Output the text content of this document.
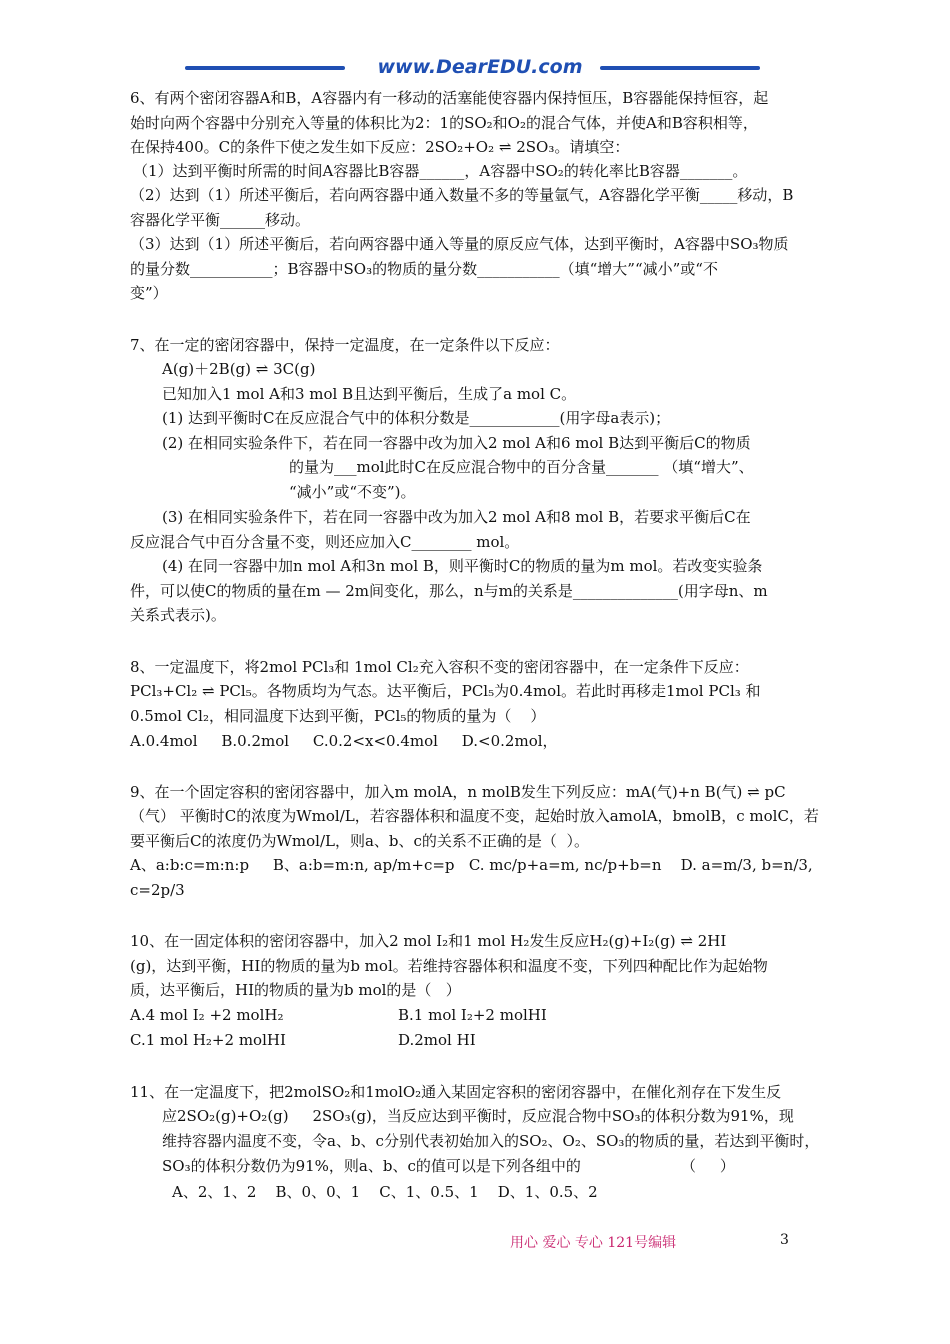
www.DearEDU.com
6、有两个密闭容器A和B，A容器内有一移动的活塞能使容器内保持恒压，B容器能保持恒容，起
始时向两个容器中分别充入等量的体积比为2：1的SO₂和O₂的混合气体，并使A和B容积相等，
在保持400。C的条件下使之发生如下反应：2SO₂+O₂ ⇌ 2SO₃。请填空：
（1）达到平衡时所需的时间A容器比B容器______，A容器中SO₂的转化率比B容器_______。
（2）达到（1）所述平衡后，若向两容器中通入数量不多的等量氩气，A容器化学平衡_____移动，B
容器化学平衡______移动。
（3）达到（1）所述平衡后，若向两容器中通入等量的原反应气体，达到平衡时，A容器中SO₃物质
的量分数___________；B容器中SO₃的物质的量分数___________（填“增大”“减小”或“不
变”）
7、在一定的密闭容器中，保持一定温度，在一定条件以下反应：
A(g)＋2B(g) ⇌ 3C(g)
已知加入1 mol A和3 mol B且达到平衡后，生成了a mol C。
(1) 达到平衡时C在反应混合气中的体积分数是____________(用字母a表示)；
(2) 在相同实验条件下，若在同一容器中改为加入2 mol A和6 mol B达到平衡后C的物质
的量为___mol此时C在反应混合物中的百分含量_______ （填“增大”、
“减小”或“不变”)。
(3) 在相同实验条件下，若在同一容器中改为加入2 mol A和8 mol B，若要求平衡后C在
反应混合气中百分含量不变，则还应加入C________ mol。
(4) 在同一容器中加n mol A和3n mol B，则平衡时C的物质的量为m mol。若改变实验条
件，可以使C的物质的量在m — 2m间变化，那么，n与m的关系是______________(用字母n、m
关系式表示)。
8、一定温度下，将2mol PCl₃和 1mol Cl₂充入容积不变的密闭容器中，在一定条件下反应：
PCl₃+Cl₂ ⇌ PCl₅。各物质均为气态。达平衡后，PCl₅为0.4mol。若此时再移走1mol PCl₃ 和
0.5mol Cl₂，相同温度下达到平衡，PCl₅的物质的量为（    ）
A.0.4mol     B.0.2mol     C.0.2<x<0.4mol     D.<0.2mol，
9、在一个固定容积的密闭容器中，加入m molA，n molB发生下列反应：mA(气)+n B(气) ⇌ pC
（气） 平衡时C的浓度为Wmol/L，若容器体积和温度不变，起始时放入amolA，bmolB，c molC，若
要平衡后C的浓度仍为Wmol/L，则a、b、c的关系不正确的是（  ）。
A、a:b:c=m:n:p     B、a:b=m:n, ap/m+c=p   C. mc/p+a=m, nc/p+b=n    D. a=m/3, b=n/3,
c=2p/3
10、在一固定体积的密闭容器中，加入2 mol I₂和1 mol H₂发生反应H₂(g)+I₂(g) ⇌ 2HI
(g)，达到平衡，HI的物质的量为b mol。若维持容器体积和温度不变，下列四种配比作为起始物
质，达平衡后，HI的物质的量为b mol的是（   ）
A.4 mol I₂ +2 molH₂	B.1 mol I₂+2 molHI
C.1 mol H₂+2 molHI	D.2mol HI
11、在一定温度下，把2molSO₂和1molO₂通入某固定容积的密闭容器中，在催化剂存在下发生反
应2SO₂(g)+O₂(g)     2SO₃(g)，当反应达到平衡时，反应混合物中SO₃的体积分数为91%，现
维持容器内温度不变，令a、b、c分别代表初始加入的SO₂、O₂、SO₃的物质的量，若达到平衡时，
SO₃的体积分数仍为91%，则a、b、c的值可以是下列各组中的                     （     ）
A、2、1、2    B、0、0、1    C、1、0.5、1    D、1、0.5、2
用心 爱心 专心 121号编辑	3
